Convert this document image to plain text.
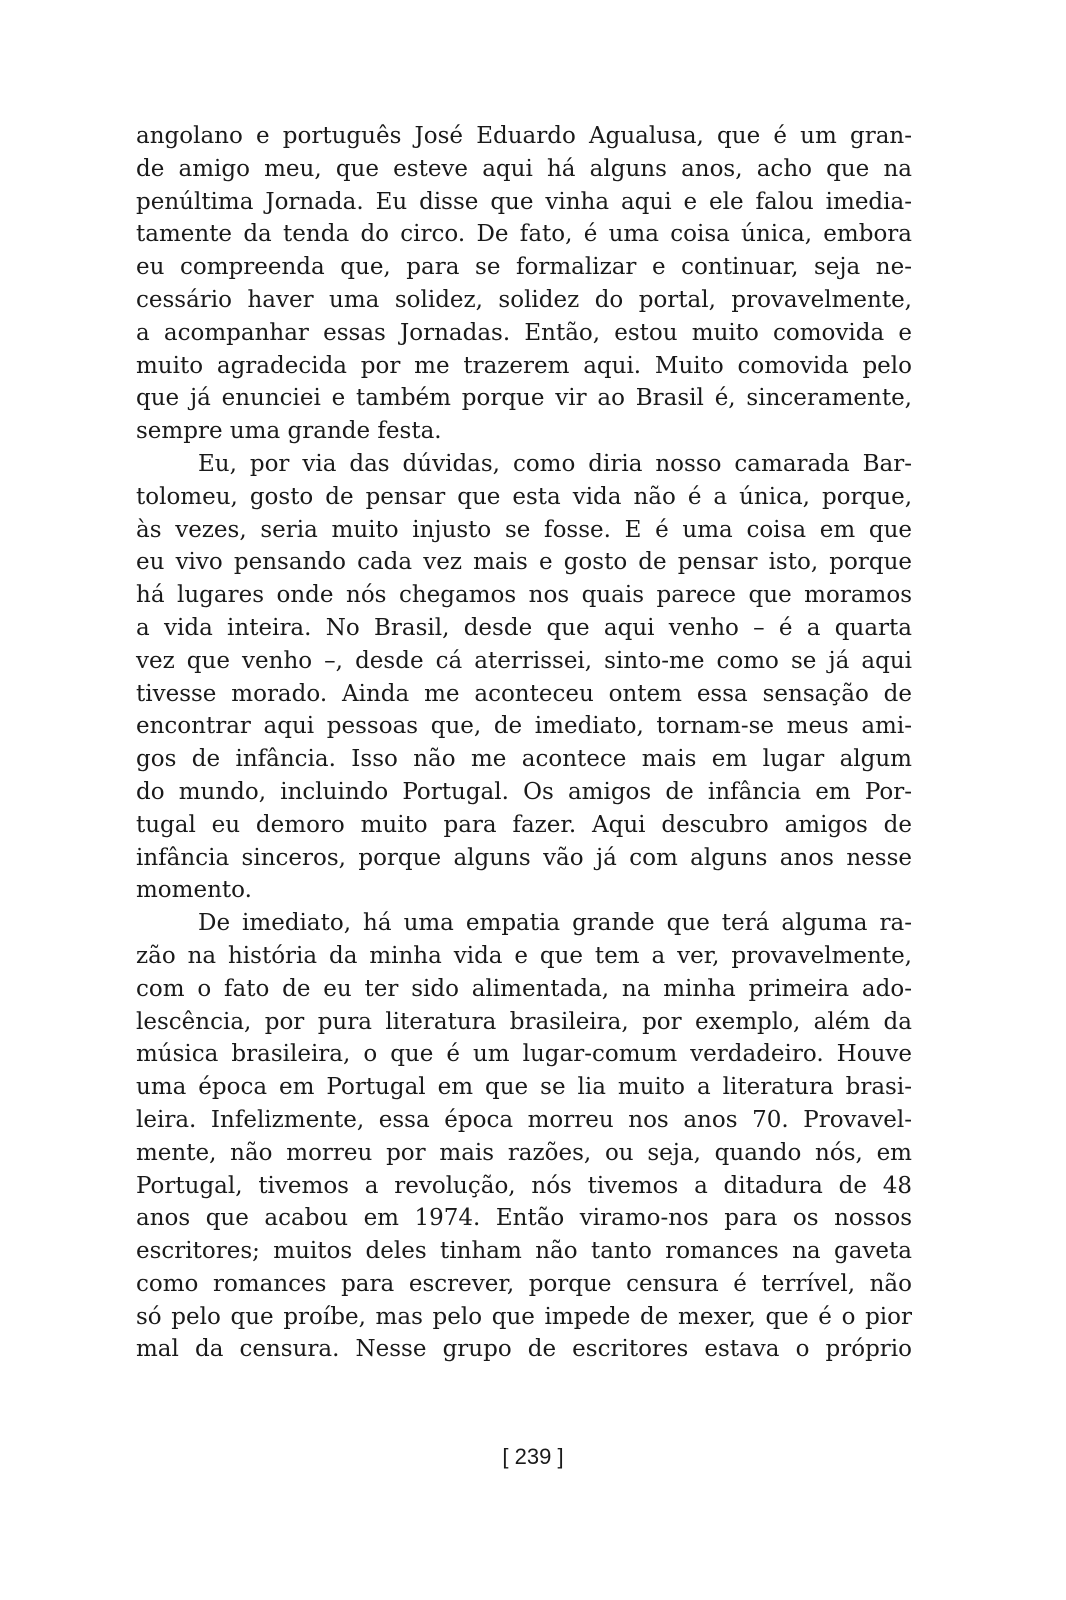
angolano e português José Eduardo Agualusa, que é um gran-
de amigo meu, que esteve aqui há alguns anos, acho que na
penúltima Jornada. Eu disse que vinha aqui e ele falou imedia-
tamente da tenda do circo. De fato, é uma coisa única, embora
eu compreenda que, para se formalizar e continuar, seja ne-
cessário haver uma solidez, solidez do portal, provavelmente,
a acompanhar essas Jornadas. Então, estou muito comovida e
muito agradecida por me trazerem aqui. Muito comovida pelo
que já enunciei e também porque vir ao Brasil é, sinceramente,
sempre uma grande festa.
Eu, por via das dúvidas, como diria nosso camarada Bar-
tolomeu, gosto de pensar que esta vida não é a única, porque,
às vezes, seria muito injusto se fosse. E é uma coisa em que
eu vivo pensando cada vez mais e gosto de pensar isto, porque
há lugares onde nós chegamos nos quais parece que moramos
a vida inteira. No Brasil, desde que aqui venho – é a quarta
vez que venho –, desde cá aterrissei, sinto-me como se já aqui
tivesse morado. Ainda me aconteceu ontem essa sensação de
encontrar aqui pessoas que, de imediato, tornam-se meus ami-
gos de infância. Isso não me acontece mais em lugar algum
do mundo, incluindo Portugal. Os amigos de infância em Por-
tugal eu demoro muito para fazer. Aqui descubro amigos de
infância sinceros, porque alguns vão já com alguns anos nesse
momento.
De imediato, há uma empatia grande que terá alguma ra-
zão na história da minha vida e que tem a ver, provavelmente,
com o fato de eu ter sido alimentada, na minha primeira ado-
lescência, por pura literatura brasileira, por exemplo, além da
música brasileira, o que é um lugar-comum verdadeiro. Houve
uma época em Portugal em que se lia muito a literatura brasi-
leira. Infelizmente, essa época morreu nos anos 70. Provavel-
mente, não morreu por mais razões, ou seja, quando nós, em
Portugal, tivemos a revolução, nós tivemos a ditadura de 48
anos que acabou em 1974. Então viramo-nos para os nossos
escritores; muitos deles tinham não tanto romances na gaveta
como romances para escrever, porque censura é terrível, não
só pelo que proíbe, mas pelo que impede de mexer, que é o pior
mal da censura. Nesse grupo de escritores estava o próprio
[ 239 ]
